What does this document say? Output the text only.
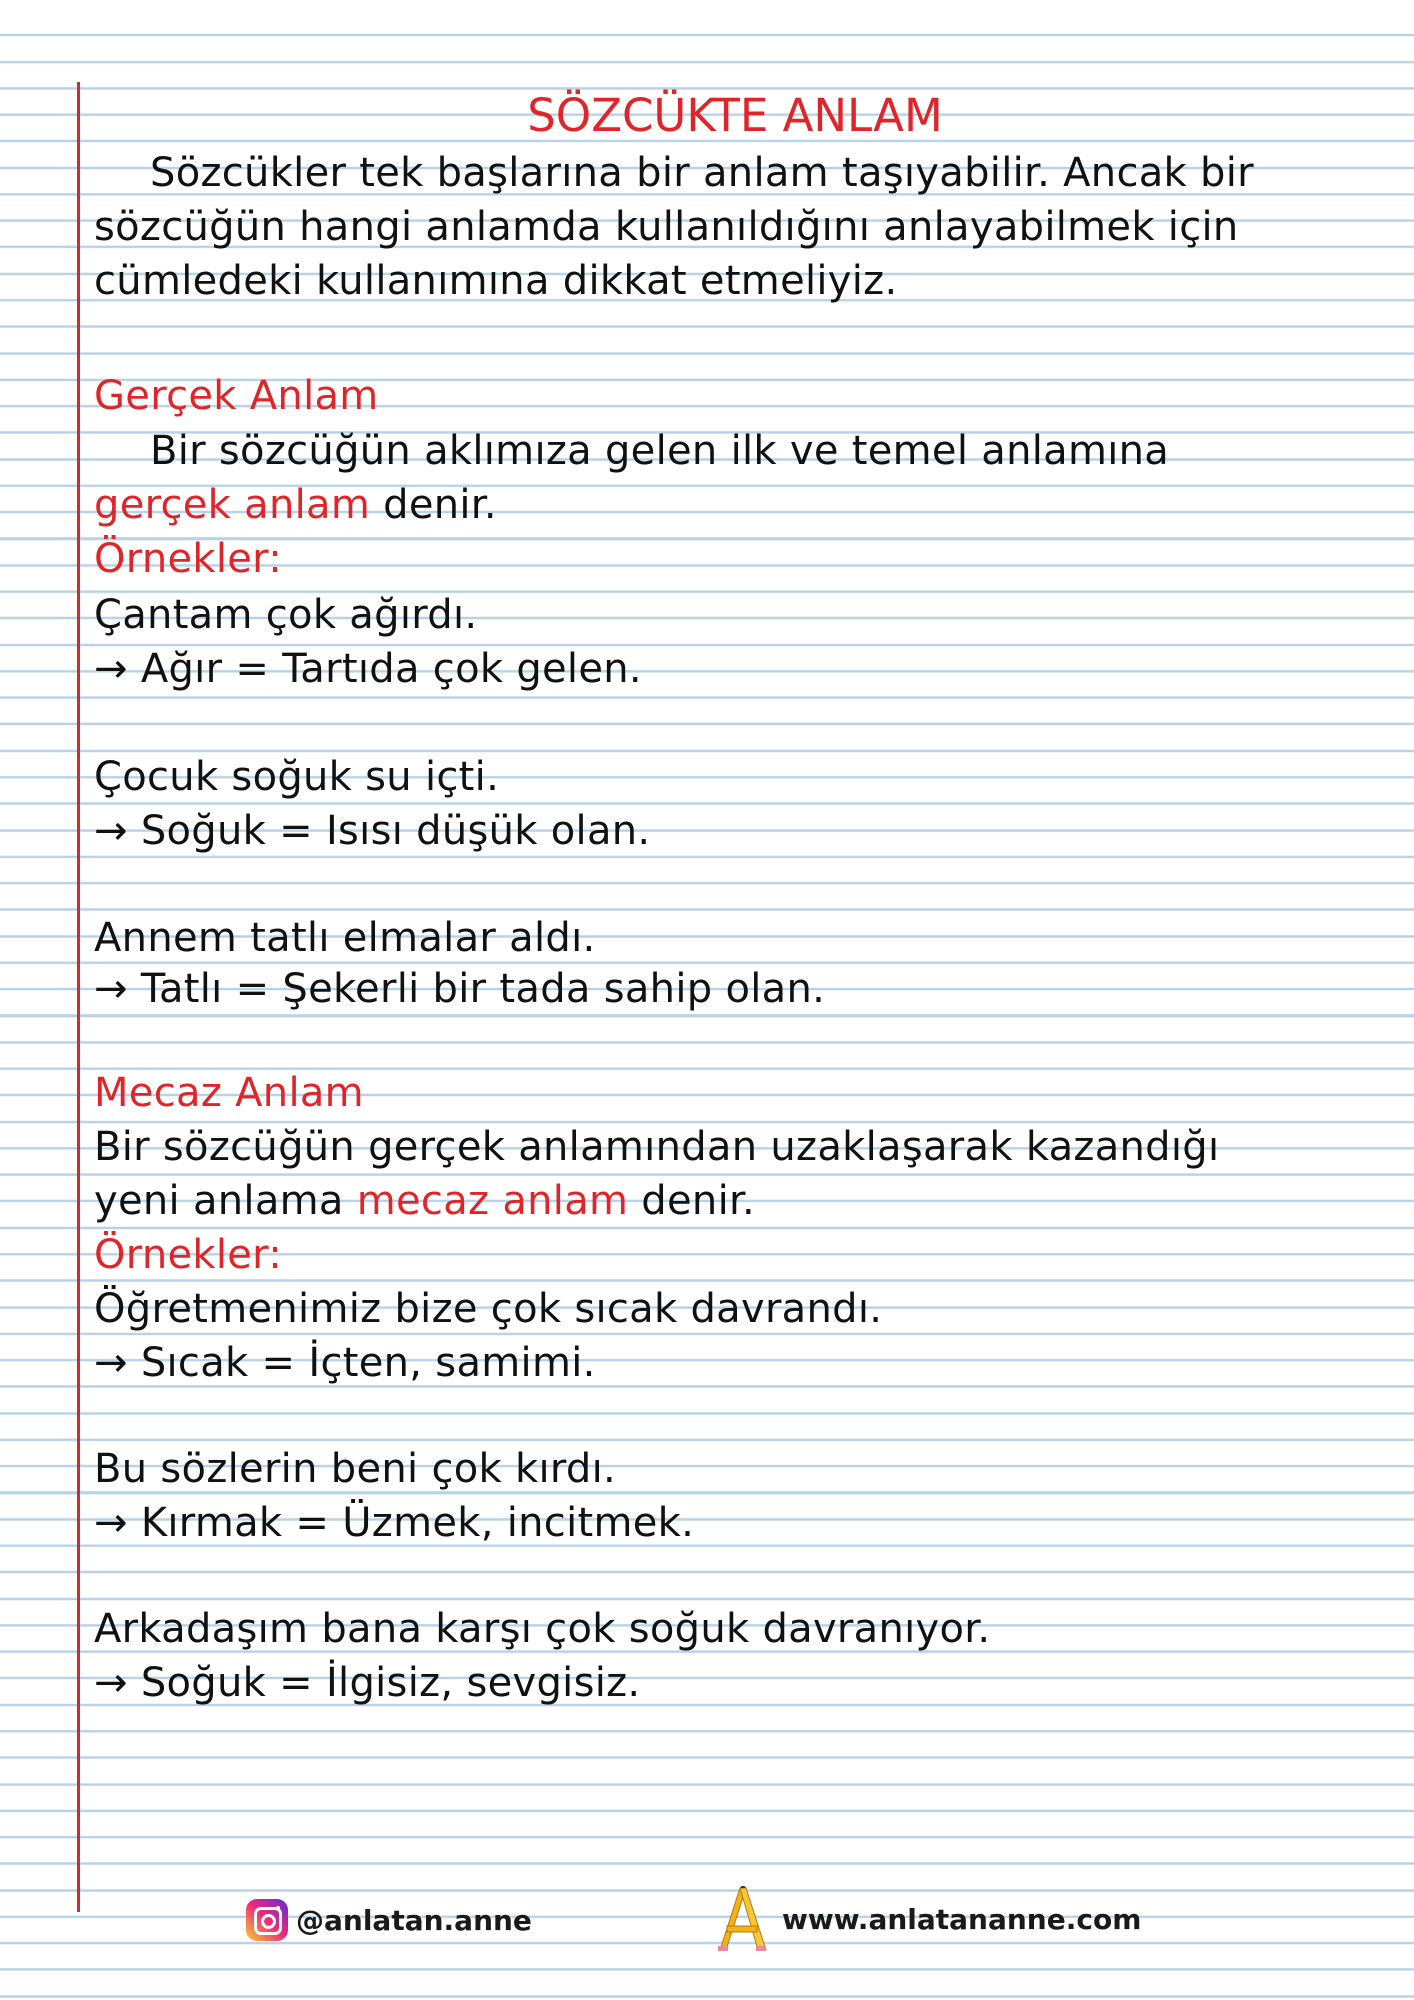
SÖZCÜKTE ANLAM
Sözcükler tek başlarına bir anlam taşıyabilir. Ancak bir
sözcüğün hangi anlamda kullanıldığını anlayabilmek için
cümledeki kullanımına dikkat etmeliyiz.
Gerçek Anlam
Bir sözcüğün aklımıza gelen ilk ve temel anlamına
gerçek anlam denir.
Örnekler:
Çantam çok ağırdı.
→ Ağır = Tartıda çok gelen.
Çocuk soğuk su içti.
→ Soğuk = Isısı düşük olan.
Annem tatlı elmalar aldı.
→ Tatlı = Şekerli bir tada sahip olan.
Mecaz Anlam
Bir sözcüğün gerçek anlamından uzaklaşarak kazandığı
yeni anlama mecaz anlam denir.
Örnekler:
Öğretmenimiz bize çok sıcak davrandı.
→ Sıcak = İçten, samimi.
Bu sözlerin beni çok kırdı.
→ Kırmak = Üzmek, incitmek.
Arkadaşım bana karşı çok soğuk davranıyor.
→ Soğuk = İlgisiz, sevgisiz.
@anlatan.anne	www.anlatananne.com
